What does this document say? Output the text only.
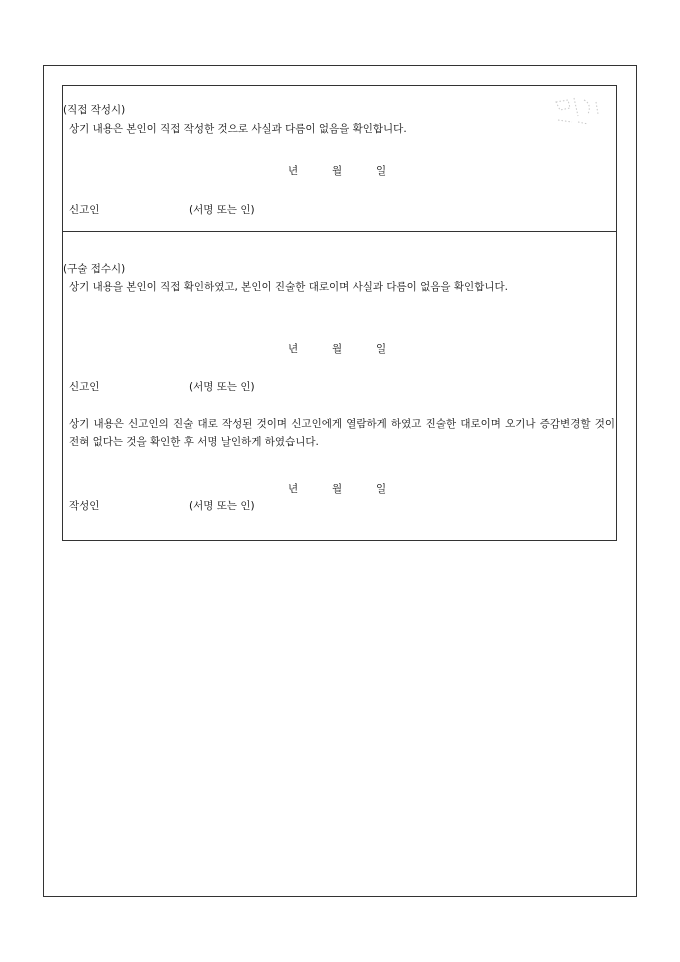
(직접 작성시)
상기 내용은 본인이 직접 작성한 것으로 사실과 다름이 없음을 확인합니다.
년	월	일
신고인	(서명 또는 인)
(구술 접수시)
상기 내용을 본인이 직접 확인하였고, 본인이 진술한 대로이며 사실과 다름이 없음을 확인합니다.
년	월	일
신고인	(서명 또는 인)
상기 내용은 신고인의 진술 대로 작성된 것이며 신고인에게 열람하게 하였고 진술한 대로이며 오기나 증감변경할 것이 전혀 없다는 것을 확인한 후 서명 날인하게 하였습니다.
년	월	일
작성인	(서명 또는 인)
